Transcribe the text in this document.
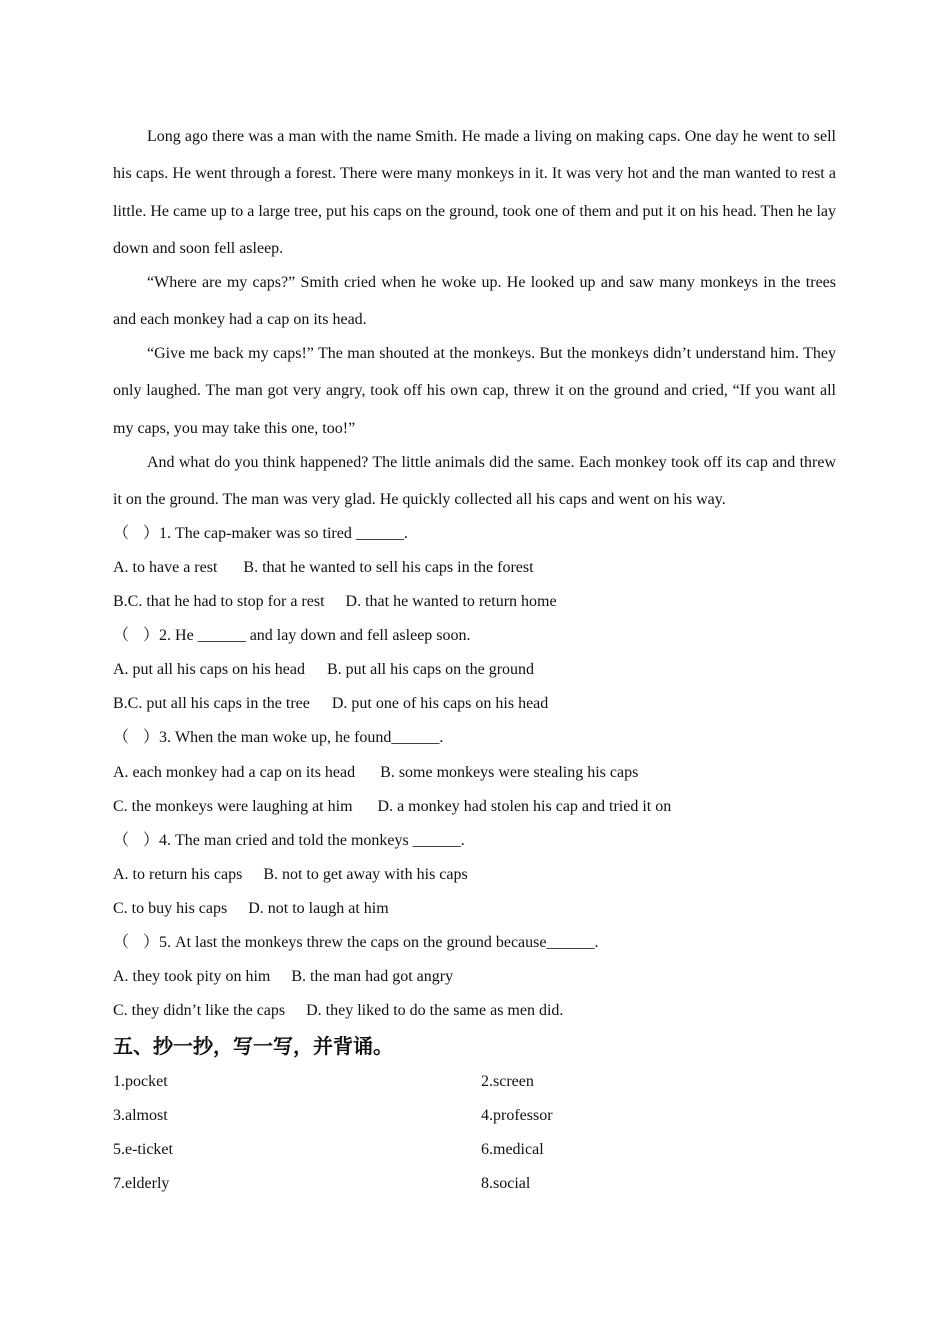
Long ago there was a man with the name Smith. He made a living on making caps. One day he went to sell his caps. He went through a forest. There were many monkeys in it. It was very hot and the man wanted to rest a little. He came up to a large tree, put his caps on the ground, took one of them and put it on his head. Then he lay down and soon fell asleep.

“Where are my caps?” Smith cried when he woke up. He looked up and saw many monkeys in the trees and each monkey had a cap on its head.

“Give me back my caps!” The man shouted at the monkeys. But the monkeys didn’t understand him. They only laughed. The man got very angry, took off his own cap, threw it on the ground and cried, “If you want all my caps, you may take this one, too!”

And what do you think happened? The little animals did the same. Each monkey took off its cap and threw it on the ground. The man was very glad. He quickly collected all his caps and went on his way.

（ ）1. The cap-maker was so tired ______.
A. to have a rest B. that he wanted to sell his caps in the forest
B.C. that he had to stop for a rest D. that he wanted to return home
（ ）2. He ______ and lay down and fell asleep soon.
A. put all his caps on his head B. put all his caps on the ground
B.C. put all his caps in the tree D. put one of his caps on his head
（ ）3. When the man woke up, he found______.
A. each monkey had a cap on its head B. some monkeys were stealing his caps
C. the monkeys were laughing at him D. a monkey had stolen his cap and tried it on
（ ）4. The man cried and told the monkeys ______.
A. to return his caps B. not to get away with his caps
C. to buy his caps D. not to laugh at him
（ ）5. At last the monkeys threw the caps on the ground because______.
A. they took pity on him B. the man had got angry
C. they didn’t like the caps D. they liked to do the same as men did.
五、抄一抄，写一写，并背诵。
1.pocket	2.screen
3.almost	4.professor
5.e-ticket	6.medical
7.elderly	8.social
